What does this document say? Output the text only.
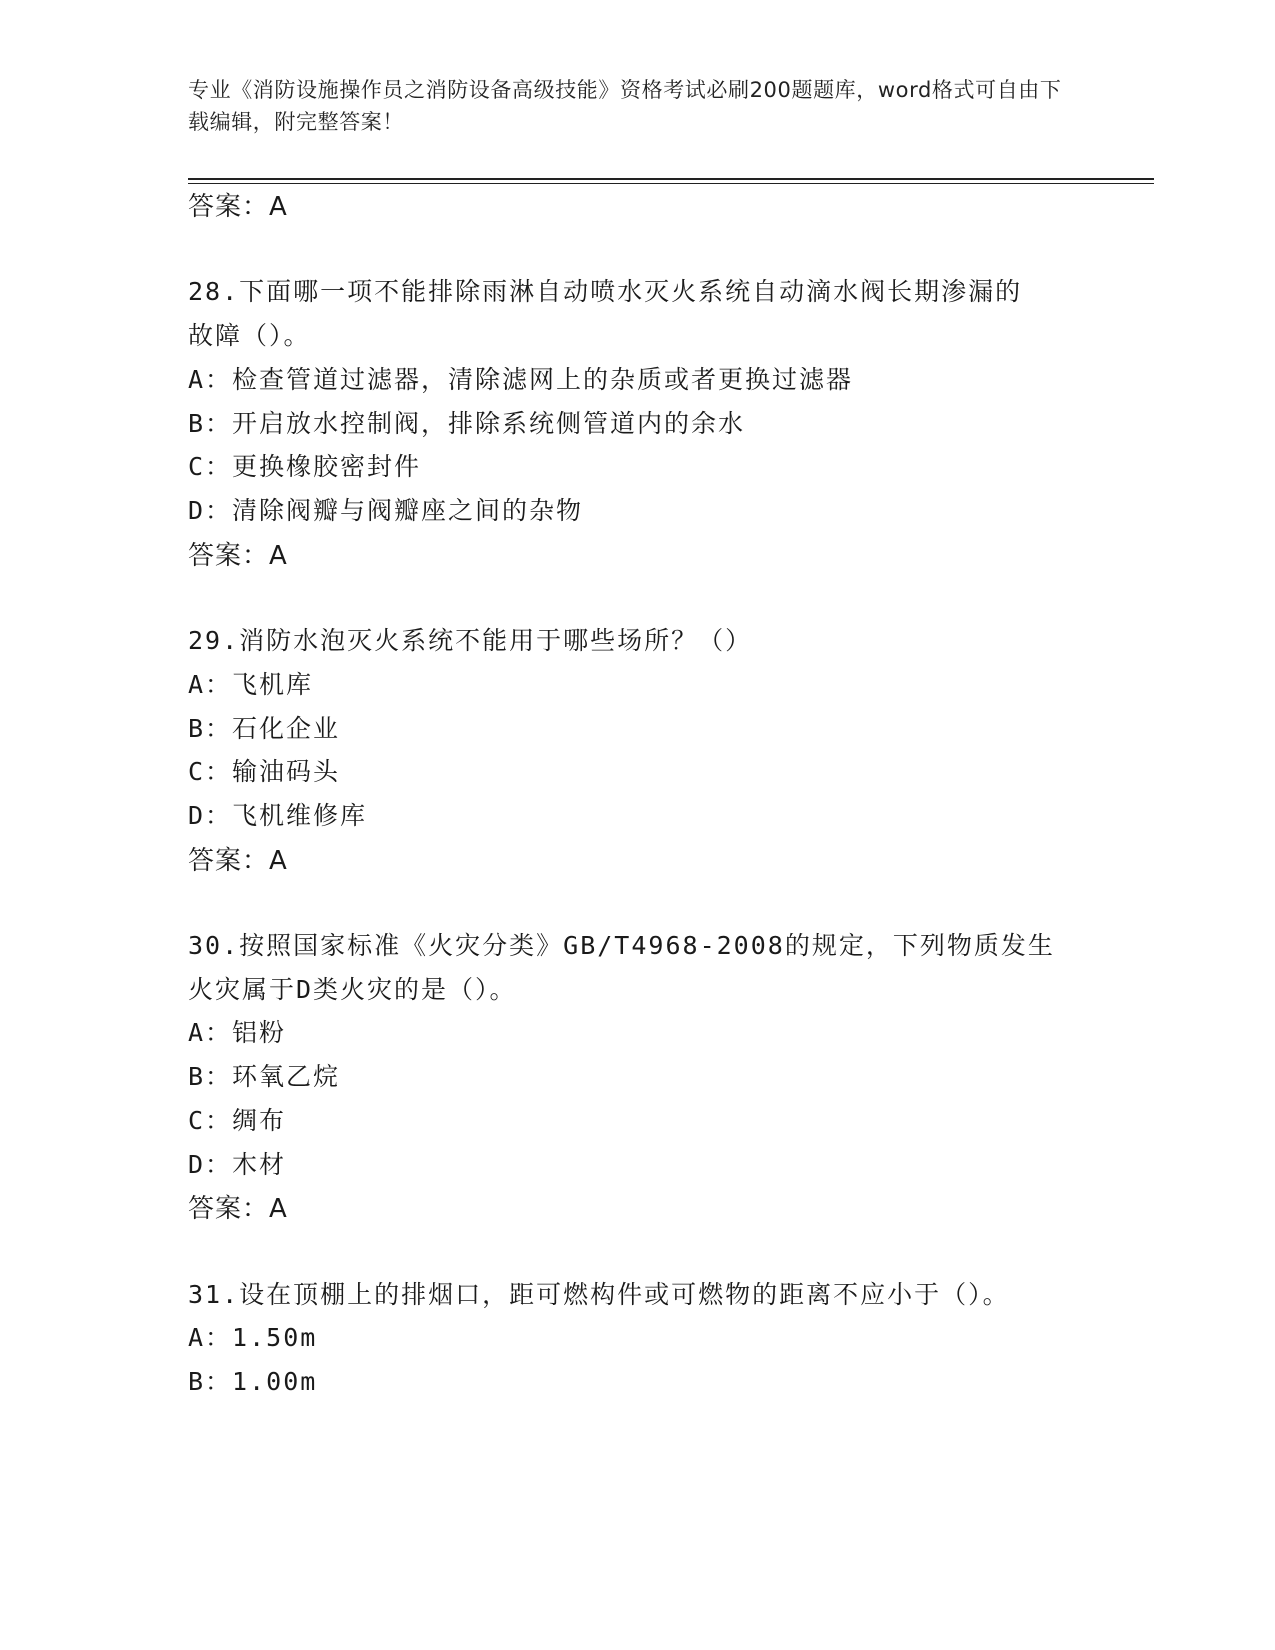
专业《消防设施操作员之消防设备高级技能》资格考试必刷200题题库，word格式可自由下载编辑，附完整答案！
答案：A
28.下面哪一项不能排除雨淋自动喷水灭火系统自动滴水阀长期渗漏的
故障（）。
A：检查管道过滤器，清除滤网上的杂质或者更换过滤器
B：开启放水控制阀，排除系统侧管道内的余水
C：更换橡胶密封件
D：清除阀瓣与阀瓣座之间的杂物
答案：A
29.消防水泡灭火系统不能用于哪些场所？（）
A：飞机库
B：石化企业
C：输油码头
D：飞机维修库
答案：A
30.按照国家标准《火灾分类》GB/T4968-2008的规定，下列物质发生
火灾属于D类火灾的是（）。
A：铝粉
B：环氧乙烷
C：绸布
D：木材
答案：A
31.设在顶棚上的排烟口，距可燃构件或可燃物的距离不应小于（）。
A：1.50m
B：1.00m
